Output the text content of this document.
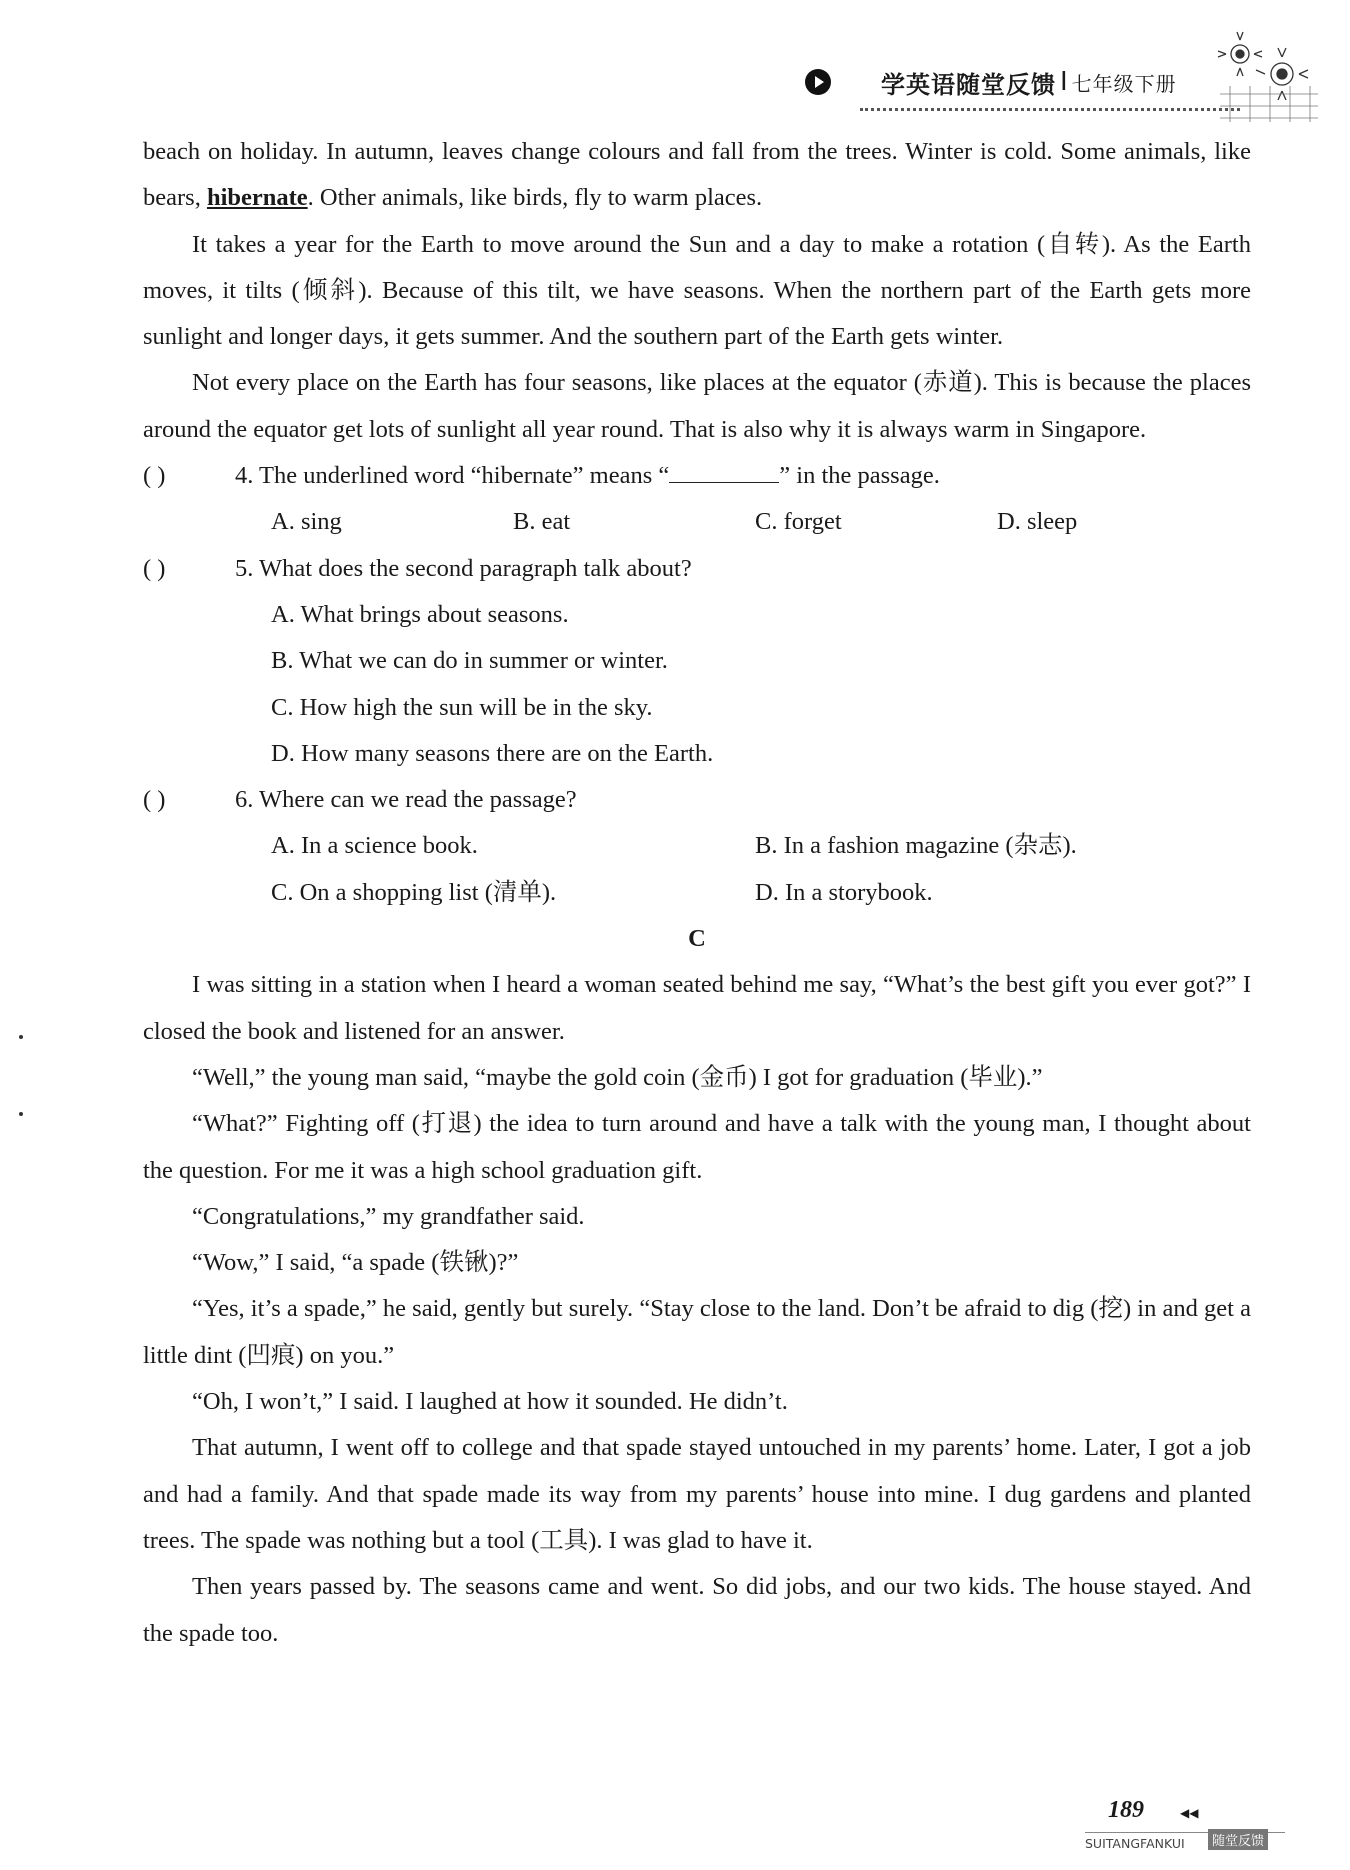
学英语随堂反馈 I 七年级下册

beach on holiday. In autumn, leaves change colours and fall from the trees. Winter is cold. Some animals, like bears, hibernate. Other animals, like birds, fly to warm places.

It takes a year for the Earth to move around the Sun and a day to make a rotation (自转). As the Earth moves, it tilts (倾斜). Because of this tilt, we have seasons. When the northern part of the Earth gets more sunlight and longer days, it gets summer. And the southern part of the Earth gets winter.

Not every place on the Earth has four seasons, like places at the equator (赤道). This is because the places around the equator get lots of sunlight all year round. That is also why it is always warm in Singapore.

( )	4. The underlined word “hibernate” means “	” in the passage.

A. sing	B. eat	C. forget	D. sleep

( )	5. What does the second paragraph talk about?

A. What brings about seasons.

B. What we can do in summer or winter.

C. How high the sun will be in the sky.

D. How many seasons there are on the Earth.

( )	6. Where can we read the passage?

A. In a science book.	B. In a fashion magazine (杂志).
C. On a shopping list (清单).	D. In a storybook.

C

I was sitting in a station when I heard a woman seated behind me say, “What’s the best gift you ever got?” I closed the book and listened for an answer.

“Well,” the young man said, “maybe the gold coin (金币) I got for graduation (毕业).”

“What?” Fighting off (打退) the idea to turn around and have a talk with the young man, I thought about the question. For me it was a high school graduation gift.

“Congratulations,” my grandfather said.

“Wow,” I said, “a spade (铁锹)?”

“Yes, it’s a spade,” he said, gently but surely. “Stay close to the land. Don’t be afraid to dig (挖) in and get a little dint (凹痕) on you.”

“Oh, I won’t,” I said. I laughed at how it sounded. He didn’t.

That autumn, I went off to college and that spade stayed untouched in my parents’ home. Later, I got a job and had a family. And that spade made its way from my parents’ house into mine. I dug gardens and planted trees. The spade was nothing but a tool (工具). I was glad to have it.

Then years passed by. The seasons came and went. So did jobs, and our two kids. The house stayed. And the spade too.

189	◀◀
SUITANGFANKUI	随堂反馈
